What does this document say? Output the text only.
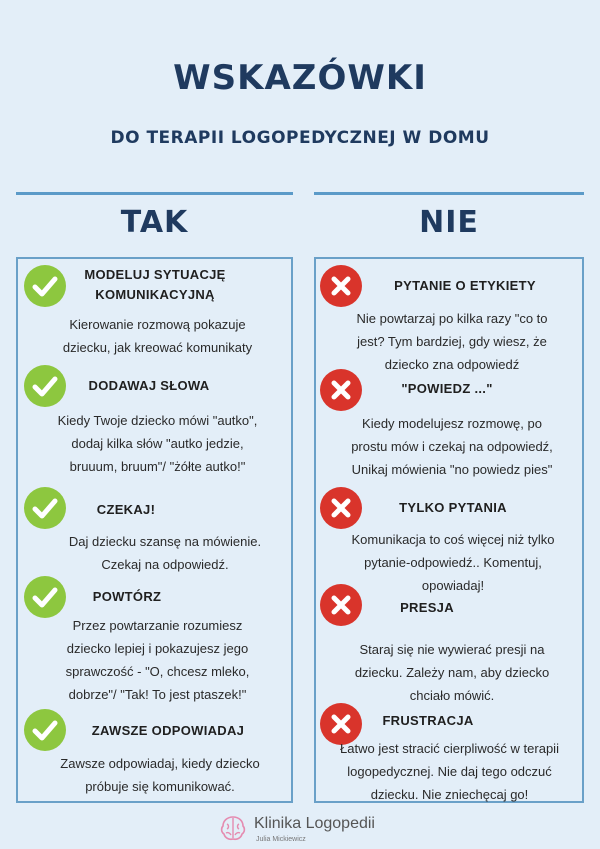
WSKAZÓWKI
DO TERAPII LOGOPEDYCZNEJ W DOMU
TAK	NIE
MODELUJ SYTUACJĘ
KOMUNIKACYJNĄ
Kierowanie rozmową pokazuje
dziecku, jak kreować komunikaty
DODAWAJ SŁOWA
Kiedy Twoje dziecko mówi "autko",
dodaj kilka słów "autko jedzie,
bruuum, bruum"/ "żółte autko!"
CZEKAJ!
Daj dziecku szansę na mówienie.
Czekaj na odpowiedź.
POWTÓRZ
Przez powtarzanie rozumiesz
dziecko lepiej i pokazujesz jego
sprawczość - "O, chcesz mleko,
dobrze"/ "Tak! To jest ptaszek!"
ZAWSZE ODPOWIADAJ
Zawsze odpowiadaj, kiedy dziecko
próbuje się komunikować.
PYTANIE O ETYKIETY
Nie powtarzaj po kilka razy "co to
jest? Tym bardziej, gdy wiesz, że
dziecko zna odpowiedź
"POWIEDZ ..."
Kiedy modelujesz rozmowę, po
prostu mów i czekaj na odpowiedź,
Unikaj mówienia "no powiedz pies"
TYLKO PYTANIA
Komunikacja to coś więcej niż tylko
pytanie-odpowiedź.. Komentuj,
opowiadaj!
PRESJA
Staraj się nie wywierać presji na
dziecku. Zależy nam, aby dziecko
chciało mówić.
FRUSTRACJA
Łatwo jest stracić cierpliwość w terapii
logopedycznej. Nie daj tego odczuć
dziecku. Nie zniechęcaj go!
Klinika Logopedii
Julia Mickiewicz
